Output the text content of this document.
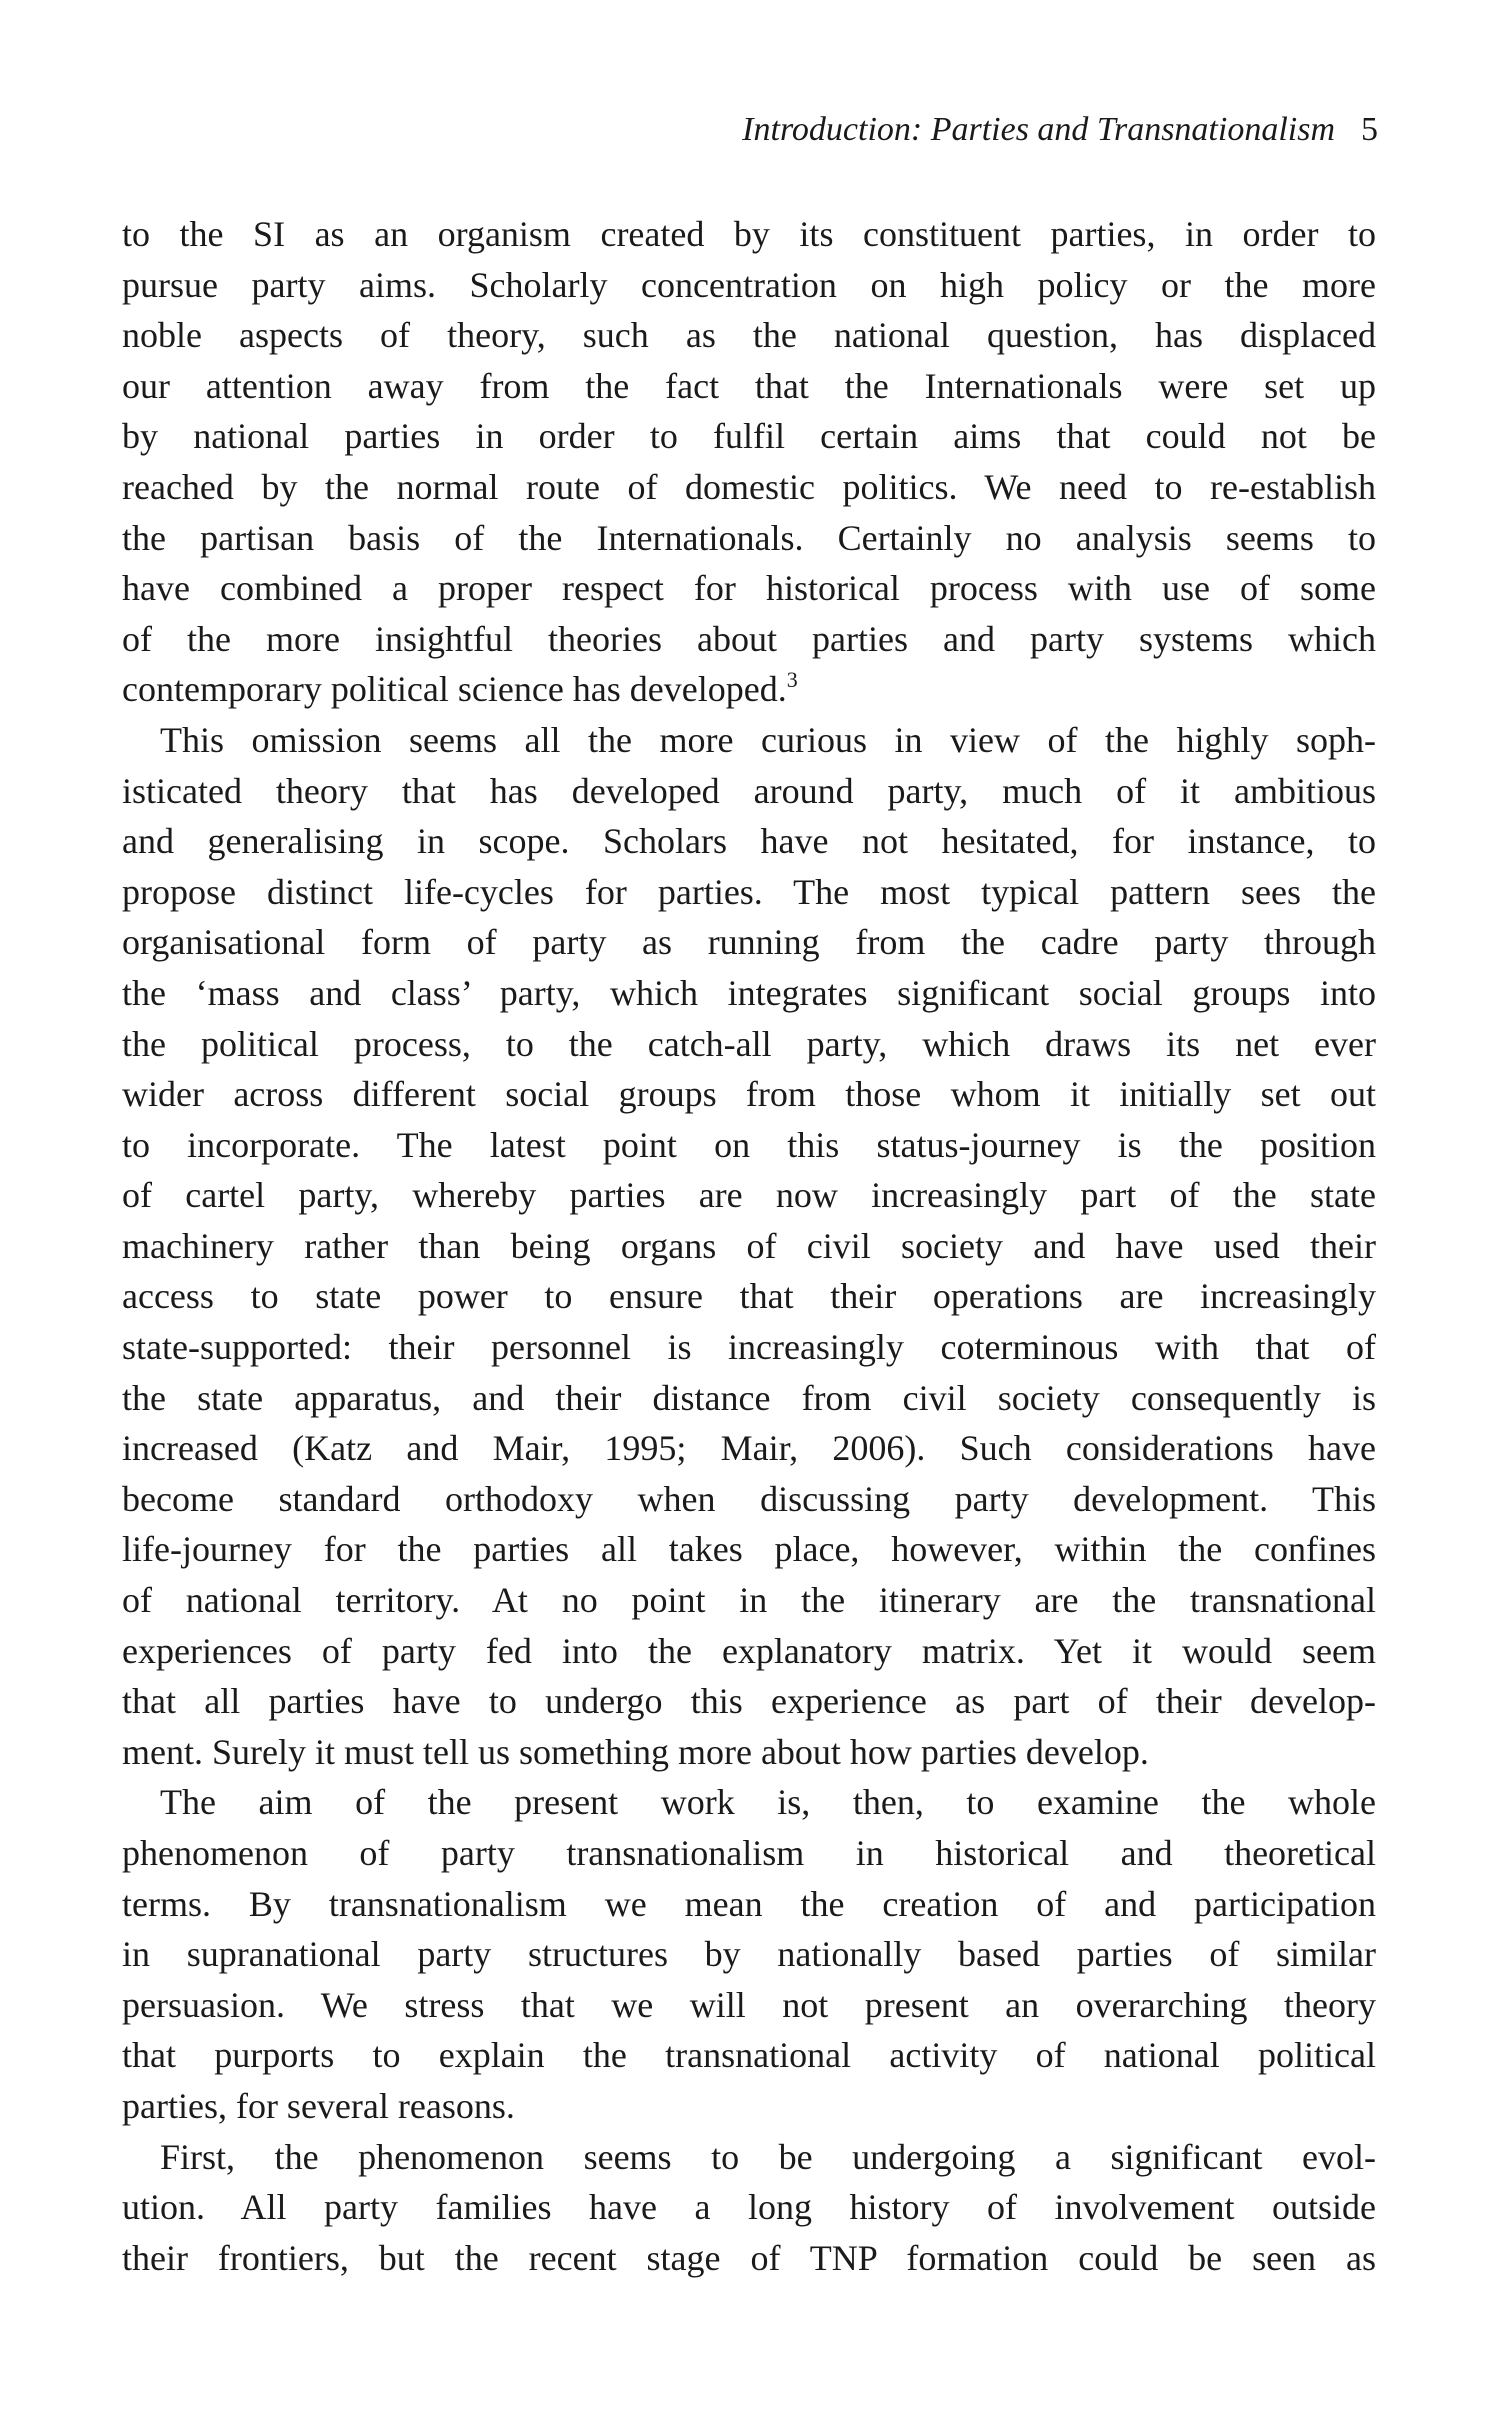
Introduction: Parties and Transnationalism 5

to the SI as an organism created by its constituent parties, in order to
pursue party aims. Scholarly concentration on high policy or the more
noble aspects of theory, such as the national question, has displaced
our attention away from the fact that the Internationals were set up
by national parties in order to fulfil certain aims that could not be
reached by the normal route of domestic politics. We need to re-establish
the partisan basis of the Internationals. Certainly no analysis seems to
have combined a proper respect for historical process with use of some
of the more insightful theories about parties and party systems which
contemporary political science has developed.$^3$

This omission seems all the more curious in view of the highly soph-
isticated theory that has developed around party, much of it ambitious
and generalising in scope. Scholars have not hesitated, for instance, to
propose distinct life-cycles for parties. The most typical pattern sees the
organisational form of party as running from the cadre party through
the ‘mass and class’ party, which integrates significant social groups into
the political process, to the catch-all party, which draws its net ever
wider across different social groups from those whom it initially set out
to incorporate. The latest point on this status-journey is the position
of cartel party, whereby parties are now increasingly part of the state
machinery rather than being organs of civil society and have used their
access to state power to ensure that their operations are increasingly
state-supported: their personnel is increasingly coterminous with that of
the state apparatus, and their distance from civil society consequently is
increased (Katz and Mair, 1995; Mair, 2006). Such considerations have
become standard orthodoxy when discussing party development. This
life-journey for the parties all takes place, however, within the confines
of national territory. At no point in the itinerary are the transnational
experiences of party fed into the explanatory matrix. Yet it would seem
that all parties have to undergo this experience as part of their develop-
ment. Surely it must tell us something more about how parties develop.

The aim of the present work is, then, to examine the whole
phenomenon of party transnationalism in historical and theoretical
terms. By transnationalism we mean the creation of and participation
in supranational party structures by nationally based parties of similar
persuasion. We stress that we will not present an overarching theory
that purports to explain the transnational activity of national political
parties, for several reasons.

First, the phenomenon seems to be undergoing a significant evol-
ution. All party families have a long history of involvement outside
their frontiers, but the recent stage of TNP formation could be seen as
